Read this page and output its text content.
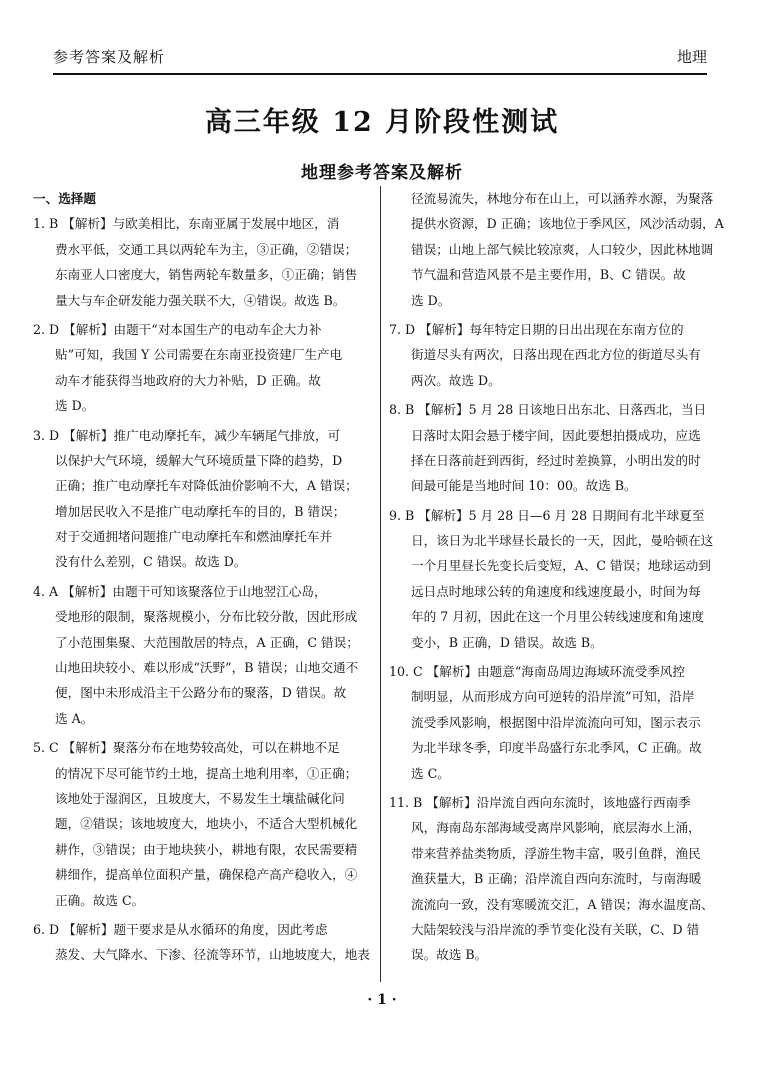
参考答案及解析	地理
高三年级 12 月阶段性测试
地理参考答案及解析
一、选择题
1. B 【解析】与欧美相比，东南亚属于发展中地区，消
费水平低，交通工具以两轮车为主，③正确，②错误；
东南亚人口密度大，销售两轮车数量多，①正确；销售
量大与车企研发能力强关联不大，④错误。故选 B。
2. D 【解析】由题干“对本国生产的电动车企大力补
贴”可知，我国 Y 公司需要在东南亚投资建厂生产电
动车才能获得当地政府的大力补贴，D 正确。故
选 D。
3. D 【解析】推广电动摩托车，减少车辆尾气排放，可
以保护大气环境，缓解大气环境质量下降的趋势，D
正确；推广电动摩托车对降低油价影响不大，A 错误；
增加居民收入不是推广电动摩托车的目的，B 错误；
对于交通拥堵问题推广电动摩托车和燃油摩托车并
没有什么差别，C 错误。故选 D。
4. A 【解析】由题干可知该聚落位于山地翌江心岛，
受地形的限制，聚落规模小，分布比较分散，因此形成
了小范围集聚、大范围散居的特点，A 正确，C 错误；
山地田块较小、难以形成“沃野”，B 错误；山地交通不
便，图中未形成沿主干公路分布的聚落，D 错误。故
选 A。
5. C 【解析】聚落分布在地势较高处，可以在耕地不足
的情况下尽可能节约土地，提高土地利用率，①正确；
该地处于湿润区，且坡度大，不易发生土壤盐碱化问
题，②错误；该地坡度大，地块小，不适合大型机械化
耕作，③错误；由于地块狭小，耕地有限，农民需要精
耕细作，提高单位面积产量，确保稳产高产稳收入，④
正确。故选 C。
6. D 【解析】题干要求是从水循环的角度，因此考虑
蒸发、大气降水、下渗、径流等环节，山地坡度大，地表
径流易流失，林地分布在山上，可以涵养水源，为聚落
提供水资源，D 正确；该地位于季风区，风沙活动弱，A
错误；山地上部气候比较凉爽，人口较少，因此林地调
节气温和营造风景不是主要作用，B、C 错误。故
选 D。
7. D 【解析】每年特定日期的日出出现在东南方位的
街道尽头有两次，日落出现在西北方位的街道尽头有
两次。故选 D。
8. B 【解析】5 月 28 日该地日出东北、日落西北，当日
日落时太阳会悬于楼宇间，因此要想拍摄成功，应选
择在日落前赶到西街，经过时差换算，小明出发的时
间最可能是当地时间 10：00。故选 B。
9. B 【解析】5 月 28 日—6 月 28 日期间有北半球夏至
日，该日为北半球昼长最长的一天，因此，曼哈顿在这
一个月里昼长先变长后变短，A、C 错误；地球运动到
远日点时地球公转的角速度和线速度最小，时间为每
年的 7 月初，因此在这一个月里公转线速度和角速度
变小，B 正确，D 错误。故选 B。
10. C 【解析】由题意“海南岛周边海域环流受季风控
制明显，从而形成方向可逆转的沿岸流”可知，沿岸
流受季风影响，根据图中沿岸流流向可知，图示表示
为北半球冬季，印度半岛盛行东北季风，C 正确。故
选 C。
11. B 【解析】沿岸流自西向东流时，该地盛行西南季
风，海南岛东部海域受离岸风影响，底层海水上涌，
带来营养盐类物质，浮游生物丰富，吸引鱼群，渔民
渔获量大，B 正确；沿岸流自西向东流时，与南海暖
流流向一致，没有寒暖流交汇，A 错误；海水温度高、
大陆架较浅与沿岸流的季节变化没有关联，C、D 错
误。故选 B。
· 1 ·
